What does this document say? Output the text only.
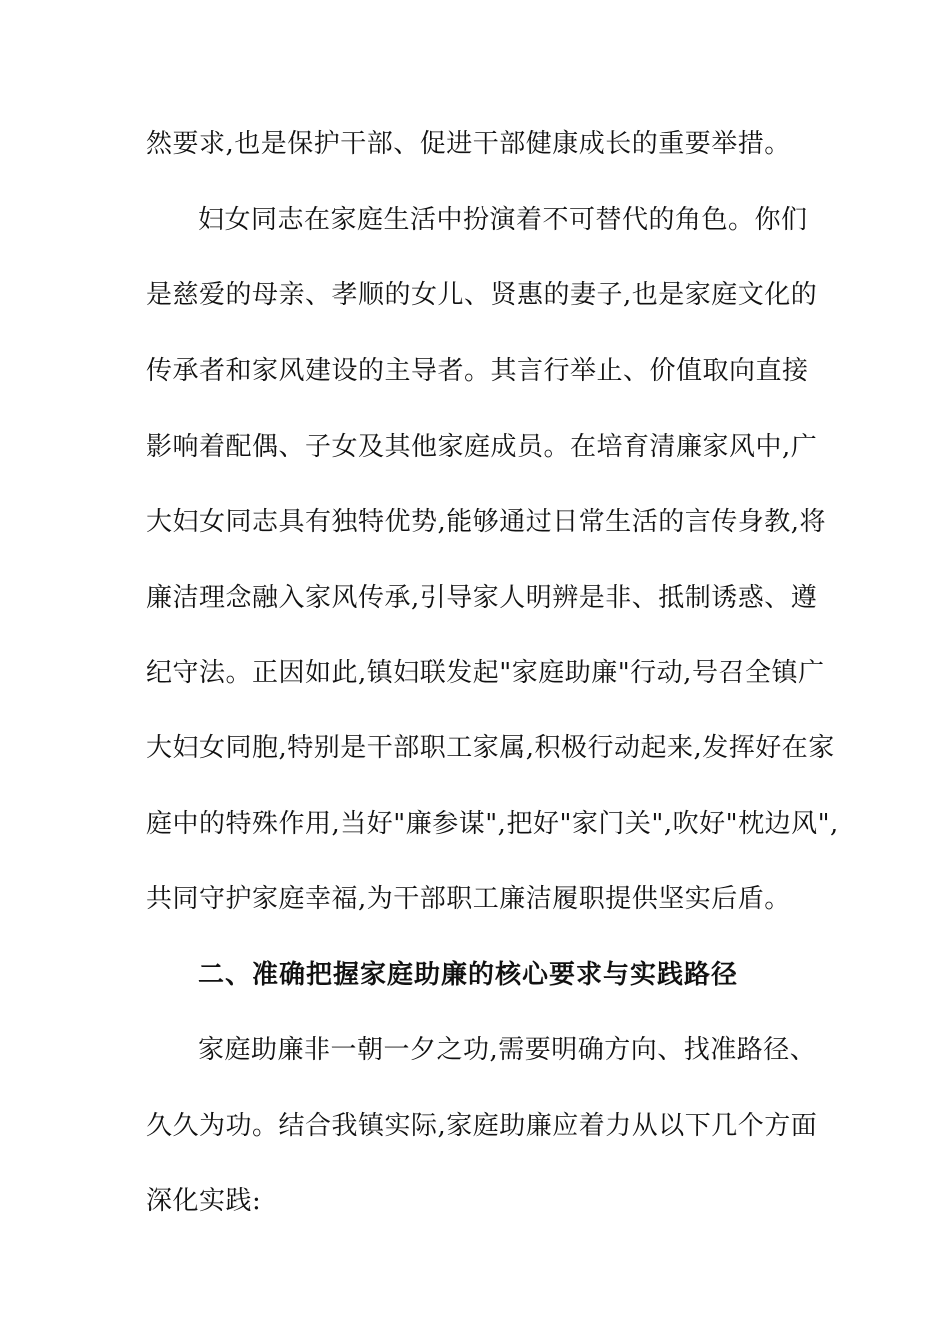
然要求,也是保护干部、促进干部健康成长的重要举措。
妇女同志在家庭生活中扮演着不可替代的角色。你们
是慈爱的母亲、孝顺的女儿、贤惠的妻子,也是家庭文化的
传承者和家风建设的主导者。其言行举止、价值取向直接
影响着配偶、子女及其他家庭成员。在培育清廉家风中,广
大妇女同志具有独特优势,能够通过日常生活的言传身教,将
廉洁理念融入家风传承,引导家人明辨是非、抵制诱惑、遵
纪守法。正因如此,镇妇联发起"家庭助廉"行动,号召全镇广
大妇女同胞,特别是干部职工家属,积极行动起来,发挥好在家
庭中的特殊作用,当好"廉参谋",把好"家门关",吹好"枕边风",
共同守护家庭幸福,为干部职工廉洁履职提供坚实后盾。
二、准确把握家庭助廉的核心要求与实践路径
家庭助廉非一朝一夕之功,需要明确方向、找准路径、
久久为功。结合我镇实际,家庭助廉应着力从以下几个方面
深化实践:
